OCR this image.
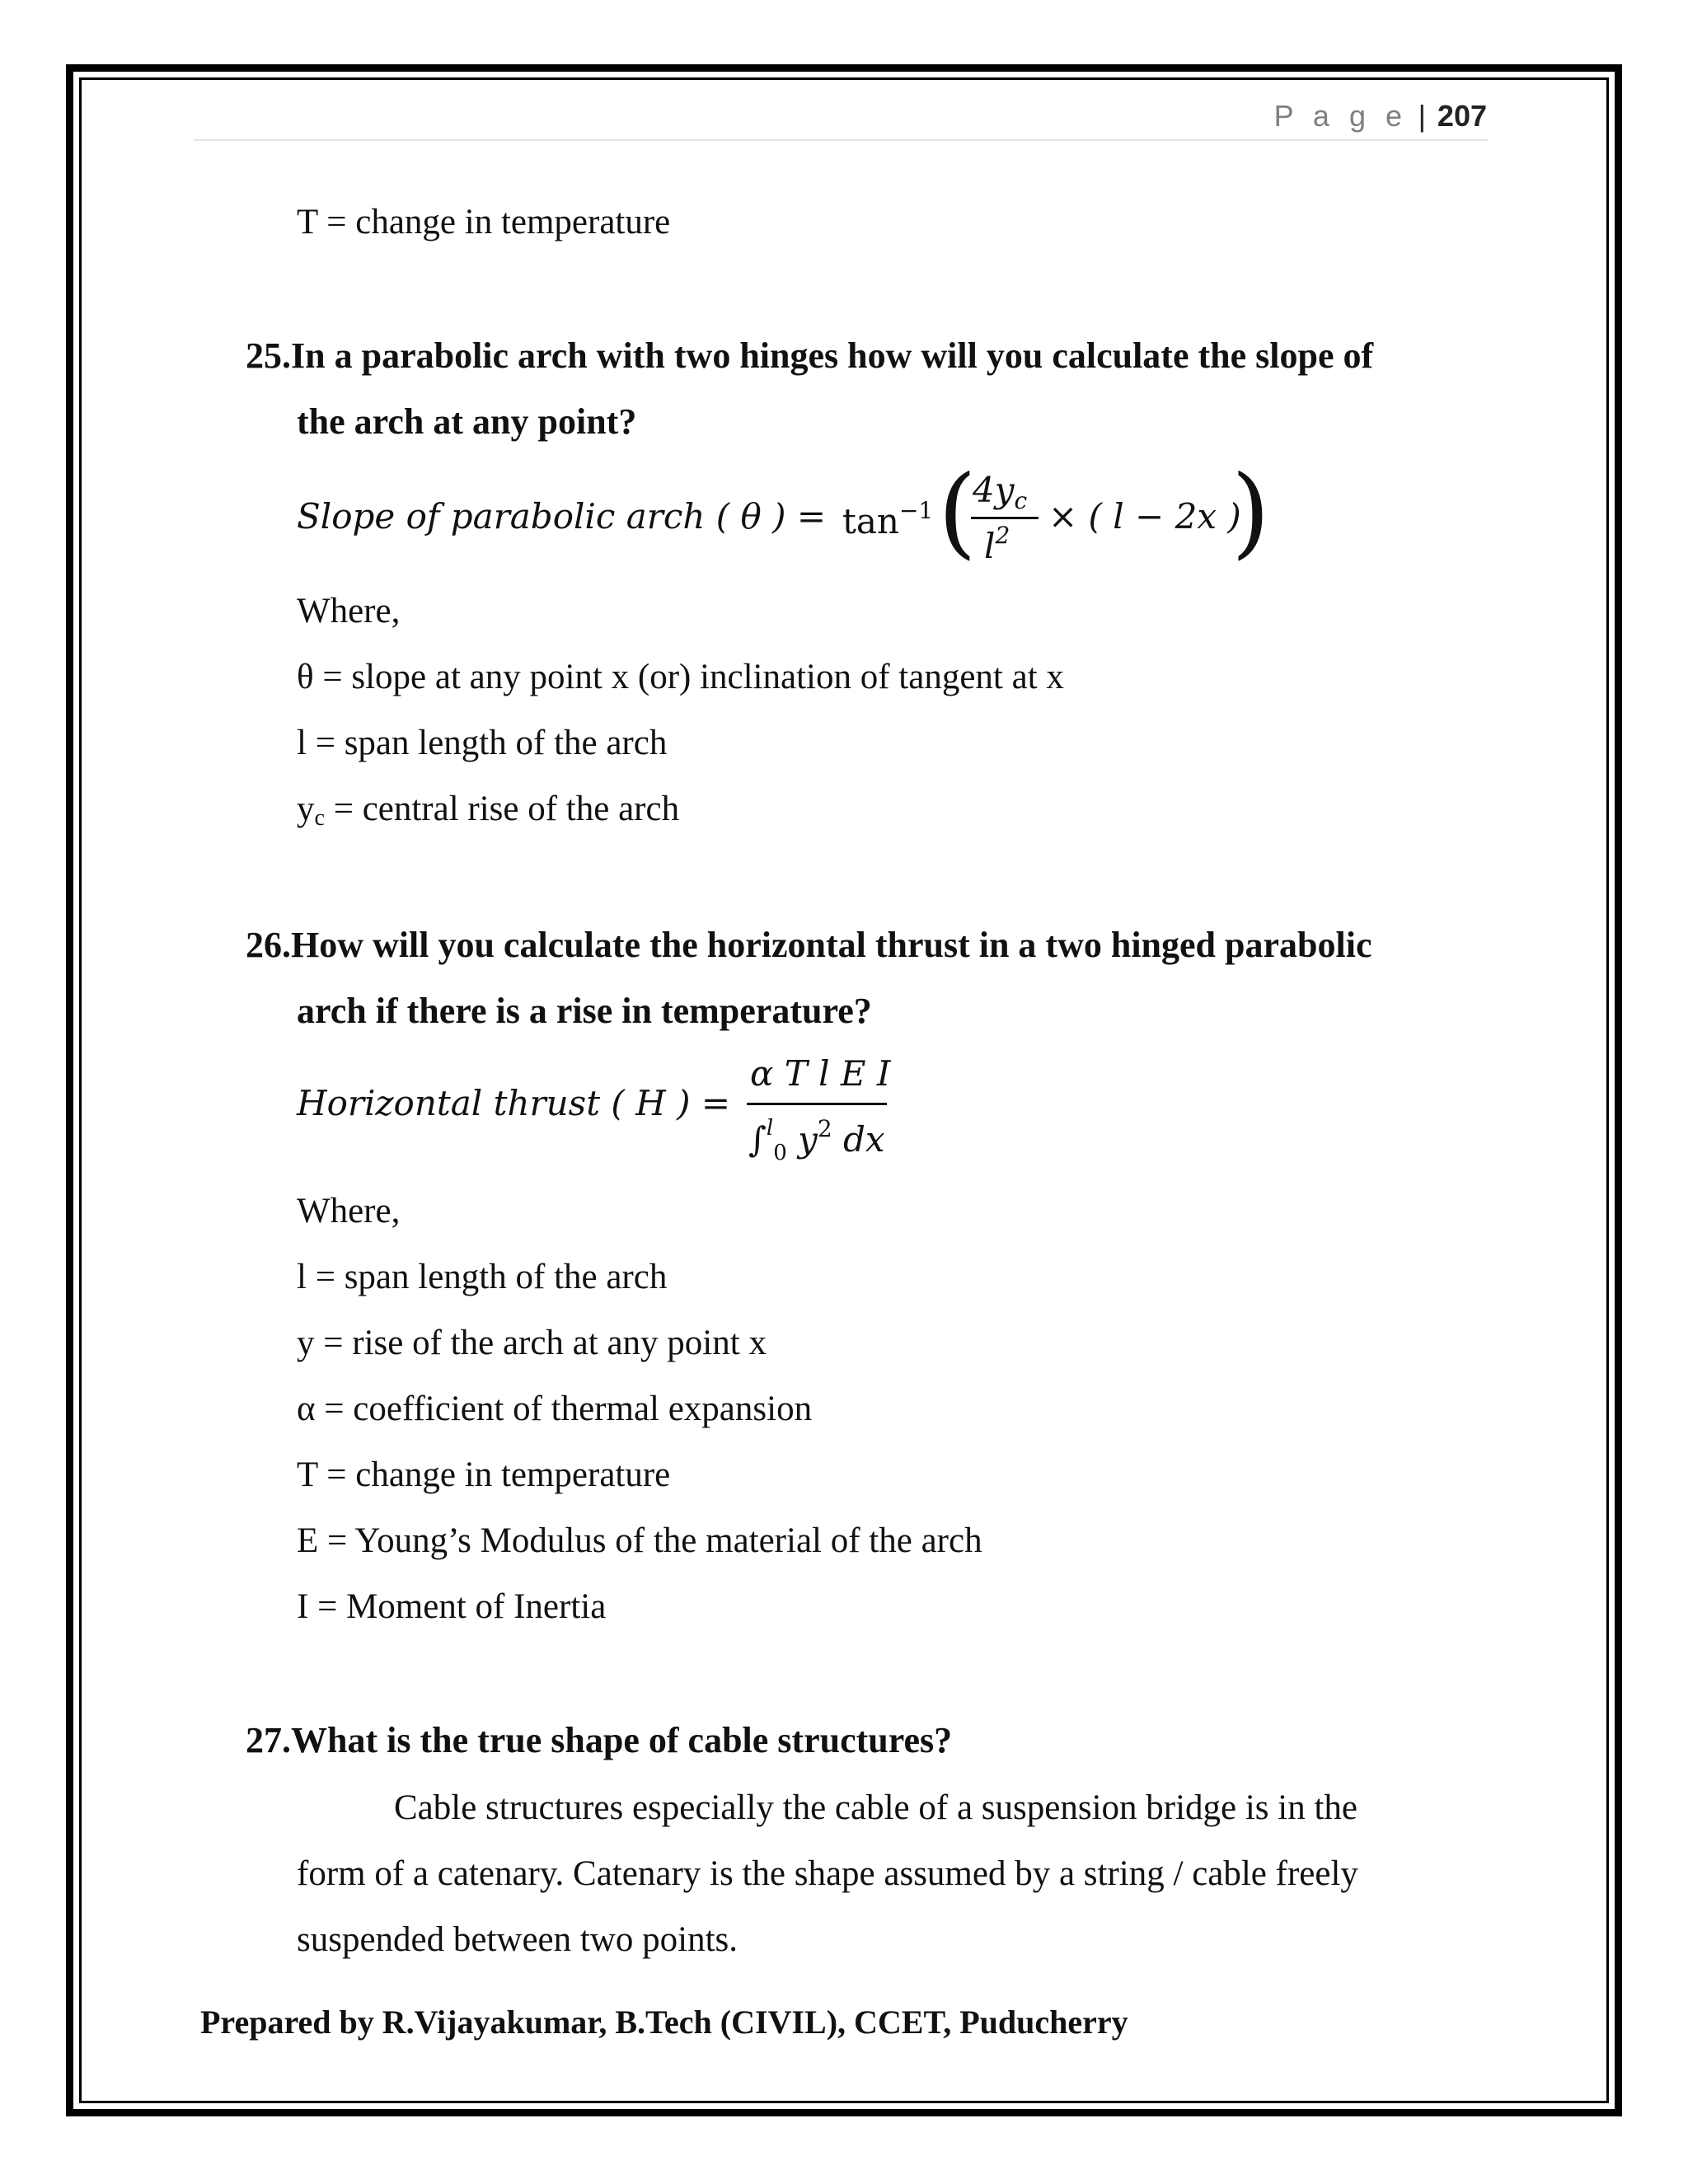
P a g e | 207
T = change in temperature
25.In a parabolic arch with two hinges how will you calculate the slope of
the arch at any point?
Slope of parabolic arch ( θ ) = $\tan^{-1}$ (
$4y_c$
$l^2$ × ( l − 2x )
)
Where,
θ = slope at any point x (or) inclination of tangent at x
l = span length of the arch
yc = central rise of the arch
26.How will you calculate the horizontal thrust in a two hinged parabolic
arch if there is a rise in temperature?
Horizontal thrust ( H ) =
α T l E I
∫$^l_0$ $y^2$ dx
Where,
l = span length of the arch
y = rise of the arch at any point x
α = coefficient of thermal expansion
T = change in temperature
E = Young’s Modulus of the material of the arch
I = Moment of Inertia
27.What is the true shape of cable structures?
Cable structures especially the cable of a suspension bridge is in the
form of a catenary. Catenary is the shape assumed by a string / cable freely
suspended between two points.
Prepared by R.Vijayakumar, B.Tech (CIVIL), CCET, Puducherry
